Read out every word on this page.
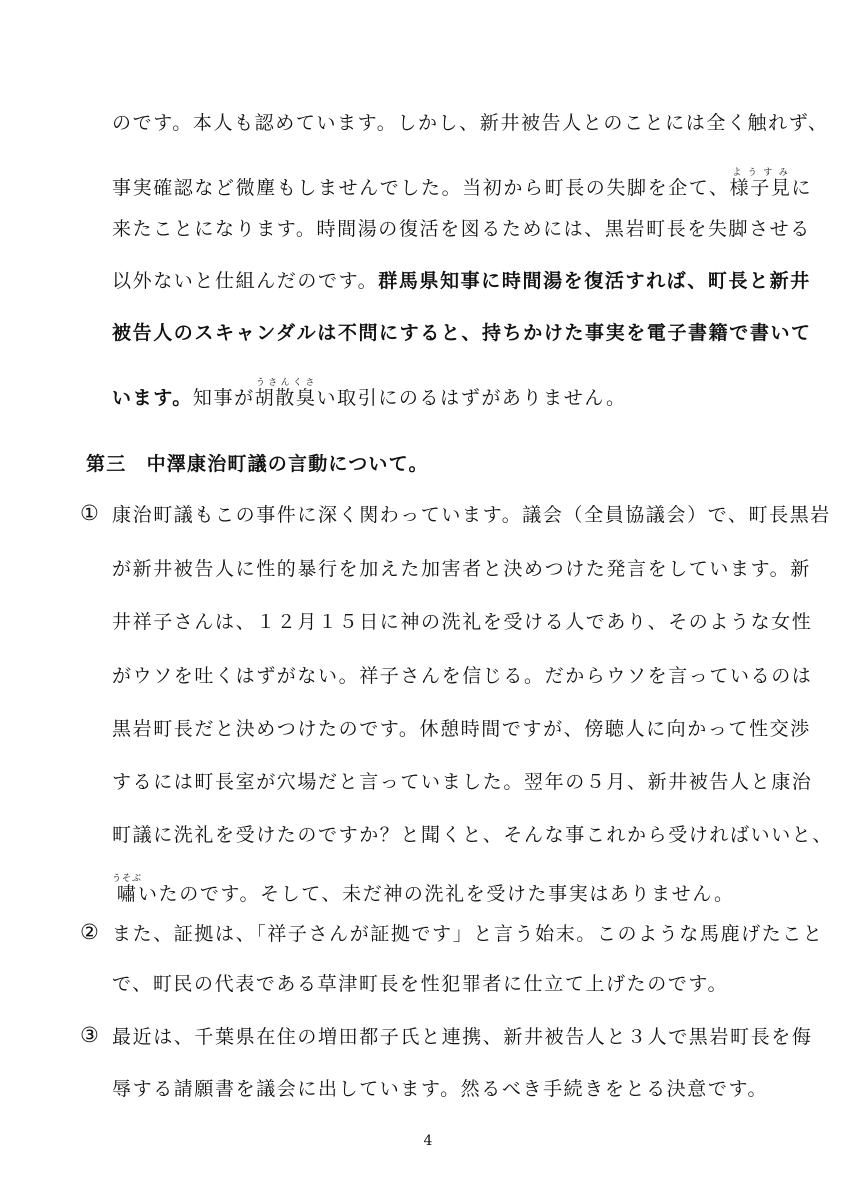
のです。本人も認めています。しかし、新井被告人とのことには全く触れず、
事実確認など微塵もしませんでした。当初から町長の失脚を企て、様子見ようすみに
来たことになります。時間湯の復活を図るためには、黒岩町長を失脚させる
以外ないと仕組んだのです。群馬県知事に時間湯を復活すれば、町長と新井
被告人のスキャンダルは不問にすると、持ちかけた事実を電子書籍で書いて
います。知事が胡散臭うさんくさい取引にのるはずがありません。
第三　中澤康治町議の言動について。
① 康治町議もこの事件に深く関わっています。議会（全員協議会）で、町長黒岩
が新井被告人に性的暴行を加えた加害者と決めつけた発言をしています。新
井祥子さんは、１２月１５日に神の洗礼を受ける人であり、そのような女性
がウソを吐くはずがない。祥子さんを信じる。だからウソを言っているのは
黒岩町長だと決めつけたのです。休憩時間ですが、傍聴人に向かって性交渉
するには町長室が穴場だと言っていました。翌年の５月、新井被告人と康治
町議に洗礼を受けたのですか？と聞くと、そんな事これから受ければいいと、
嘯うそぶいたのです。そして、未だ神の洗礼を受けた事実はありません。
② また、証拠は、「祥子さんが証拠です」と言う始末。このような馬鹿げたこと
で、町民の代表である草津町長を性犯罪者に仕立て上げたのです。
③ 最近は、千葉県在住の増田都子氏と連携、新井被告人と３人で黒岩町長を侮
辱する請願書を議会に出しています。然るべき手続きをとる決意です。
4
